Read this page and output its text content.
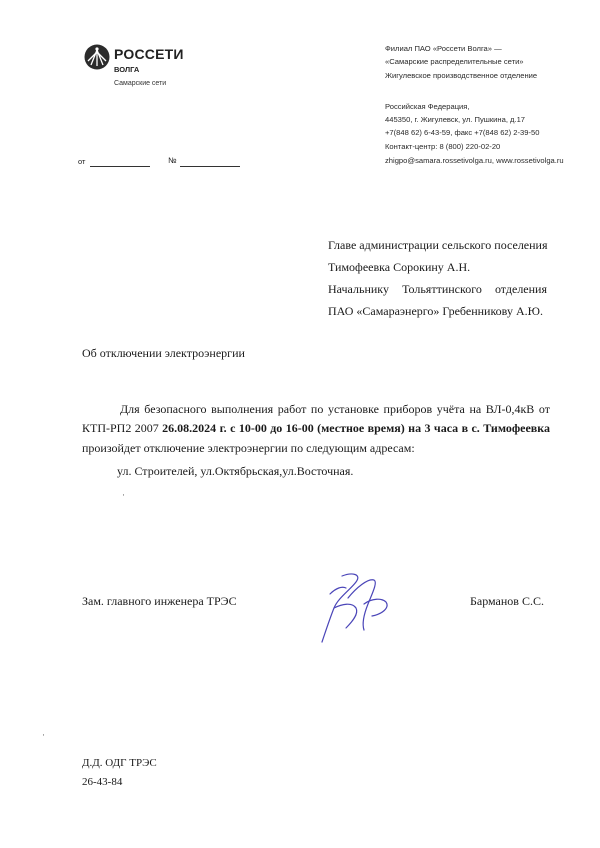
РОССЕТИ
ВОЛГА
Самарские сети
Филиал ПАО «Россети Волга» —
«Самарские распределительные сети»
Жигулевское производственное отделение
Российская Федерация,
445350, г. Жигулевск, ул. Пушкина, д.17
+7(848 62) 6-43-59, факс +7(848 62) 2-39-50
Контакт-центр: 8 (800) 220-02-20
zhigpo@samara.rossetivolga.ru, www.rossetivolga.ru
от	№
Главе администрации сельского поселения
Тимофеевка Сорокину А.Н.
Начальнику Тольяттинского отделения
ПАО «Самараэнерго» Гребенникову А.Ю.
Об отключении электроэнергии
Для безопасного выполнения работ по установке приборов учёта на ВЛ-0,4кВ от
КТП-РП2 2007 26.08.2024 г. с 10-00 до 16-00 (местное время) на 3 часа в с. Тимофеевка
произойдет отключение электроэнергии по следующим адресам:
ул. Строителей, ул.Октябрьская,ул.Восточная.
·
·
Зам. главного инженера ТРЭС	Барманов С.С.
Д.Д. ОДГ ТРЭС
26-43-84
